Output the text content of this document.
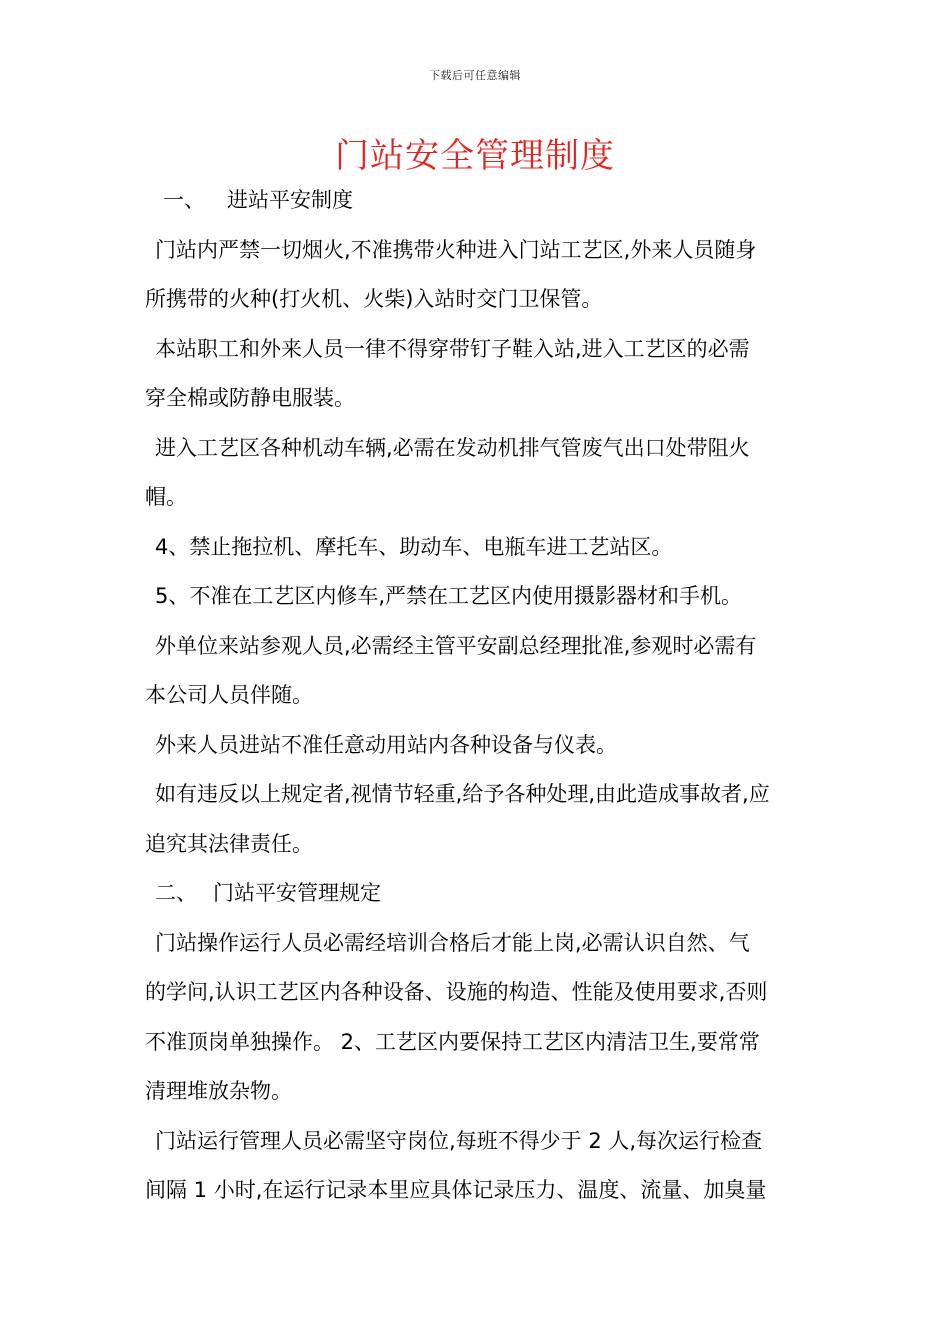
下载后可任意编辑
门站安全管理制度
一、 进站平安制度
门站内严禁一切烟火,不准携带火种进入门站工艺区,外来人员随身
所携带的火种(打火机、火柴)入站时交门卫保管。
本站职工和外来人员一律不得穿带钉子鞋入站,进入工艺区的必需
穿全棉或防静电服装。
进入工艺区各种机动车辆,必需在发动机排气管废气出口处带阻火
帽。
4、禁止拖拉机、摩托车、助动车、电瓶车进工艺站区。
5、不准在工艺区内修车,严禁在工艺区内使用摄影器材和手机。
外单位来站参观人员,必需经主管平安副总经理批准,参观时必需有
本公司人员伴随。
外来人员进站不准任意动用站内各种设备与仪表。
如有违反以上规定者,视情节轻重,给予各种处理,由此造成事故者,应
追究其法律责任。
二、 门站平安管理规定
门站操作运行人员必需经培训合格后才能上岗,必需认识自然、气
的学问,认识工艺区内各种设备、设施的构造、性能及使用要求,否则
不准顶岗单独操作。 2、工艺区内要保持工艺区内清洁卫生,要常常
清理堆放杂物。
门站运行管理人员必需坚守岗位,每班不得少于 2 人,每次运行检查
间隔 1 小时,在运行记录本里应具体记录压力、温度、流量、加臭量
